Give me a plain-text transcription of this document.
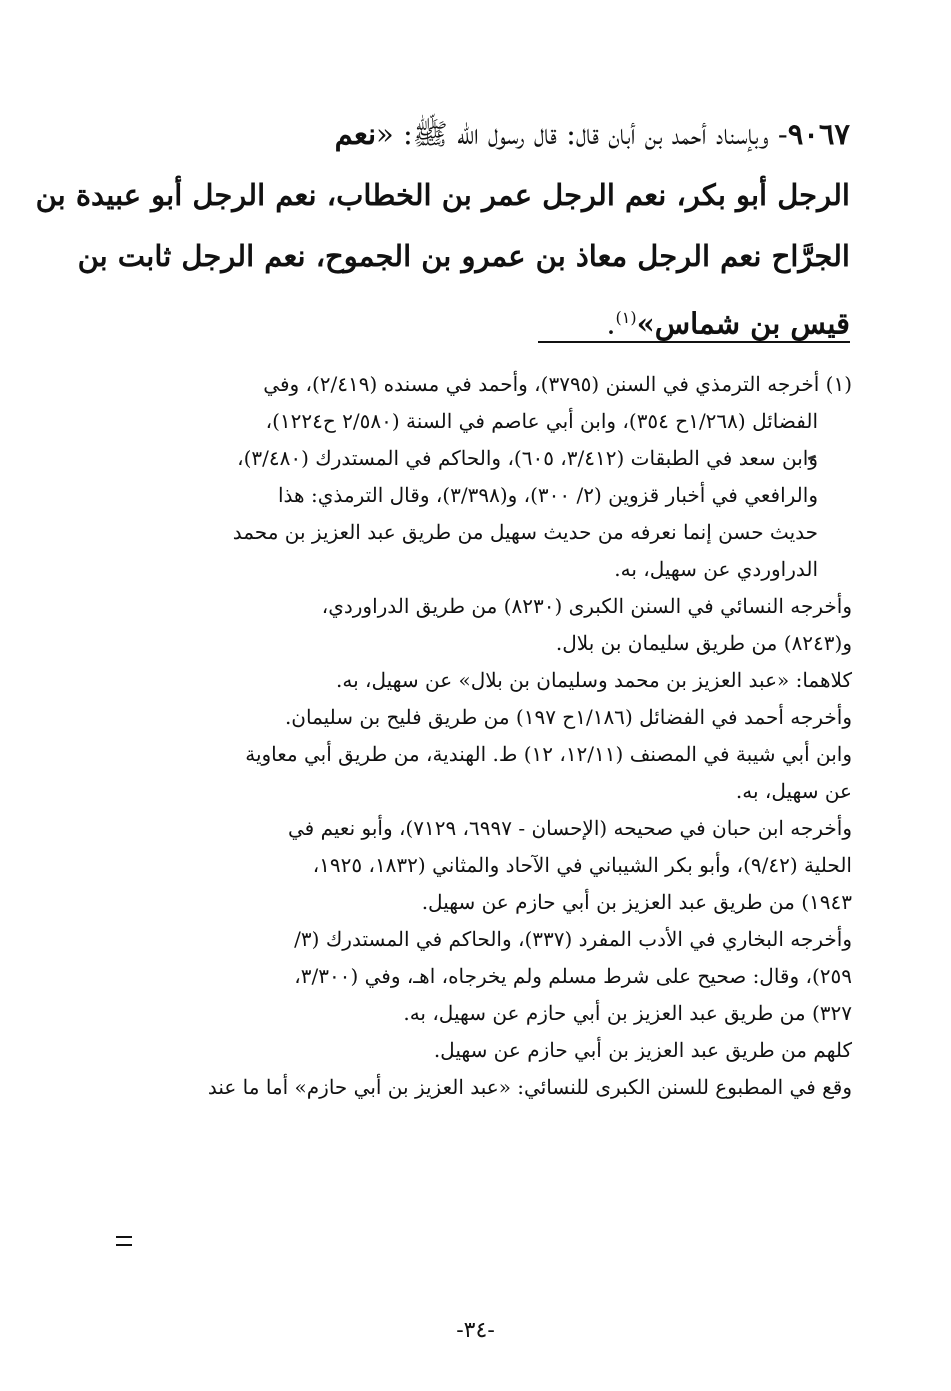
٩٠٦٧- وبإسناد أحمد بن أبان قال: قال رسول الله ﷺ: «نعم
الرجل أبو بكر، نعم الرجل عمر بن الخطاب، نعم الرجل أبو عبيدة بن
الجرَّاح نعم الرجل معاذ بن عمرو بن الجموح، نعم الرجل ثابت بن
قيس بن شماس»$^{(١)}$.
(١) أخرجه الترمذي في السنن (٣٧٩٥)، وأحمد في مسنده (٢/٤١٩)، وفي
الفضائل (١/٢٦٨ح ٣٥٤)، وابن أبي عاصم في السنة (٢/٥٨٠ ح١٢٢٤)،
وابن سعد في الطبقات (٣/٤١٢، ٦٠٥)، والحاكم في المستدرك (٣/٤٨٠)،
والرافعي في أخبار قزوين (٢/ ٣٠٠)، و(٣/٣٩٨)، وقال الترمذي: هذا
حديث حسن إنما نعرفه من حديث سهيل من طريق عبد العزيز بن محمد
الدراوردي عن سهيل، به.
وأخرجه النسائي في السنن الكبرى (٨٢٣٠) من طريق الدراوردي،
و(٨٢٤٣) من طريق سليمان بن بلال.
كلاهما: «عبد العزيز بن محمد وسليمان بن بلال» عن سهيل، به.
وأخرجه أحمد في الفضائل (١/١٨٦ح ١٩٧) من طريق فليح بن سليمان.
وابن أبي شيبة في المصنف (١٢/١١، ١٢) ط. الهندية، من طريق أبي معاوية
عن سهيل، به.
وأخرجه ابن حبان في صحيحه (الإحسان - ٦٩٩٧، ٧١٢٩)، وأبو نعيم في
الحلية (٩/٤٢)، وأبو بكر الشيباني في الآحاد والمثاني (١٨٣٢، ١٩٢٥،
١٩٤٣) من طريق عبد العزيز بن أبي حازم عن سهيل.
وأخرجه البخاري في الأدب المفرد (٣٣٧)، والحاكم في المستدرك (٣/
٢٥٩)، وقال: صحيح على شرط مسلم ولم يخرجاه، اهـ، وفي (٣/٣٠٠،
٣٢٧) من طريق عبد العزيز بن أبي حازم عن سهيل، به.
كلهم من طريق عبد العزيز بن أبي حازم عن سهيل.
وقع في المطبوع للسنن الكبرى للنسائي: «عبد العزيز بن أبي حازم» أما ما عند
-٣٤-
